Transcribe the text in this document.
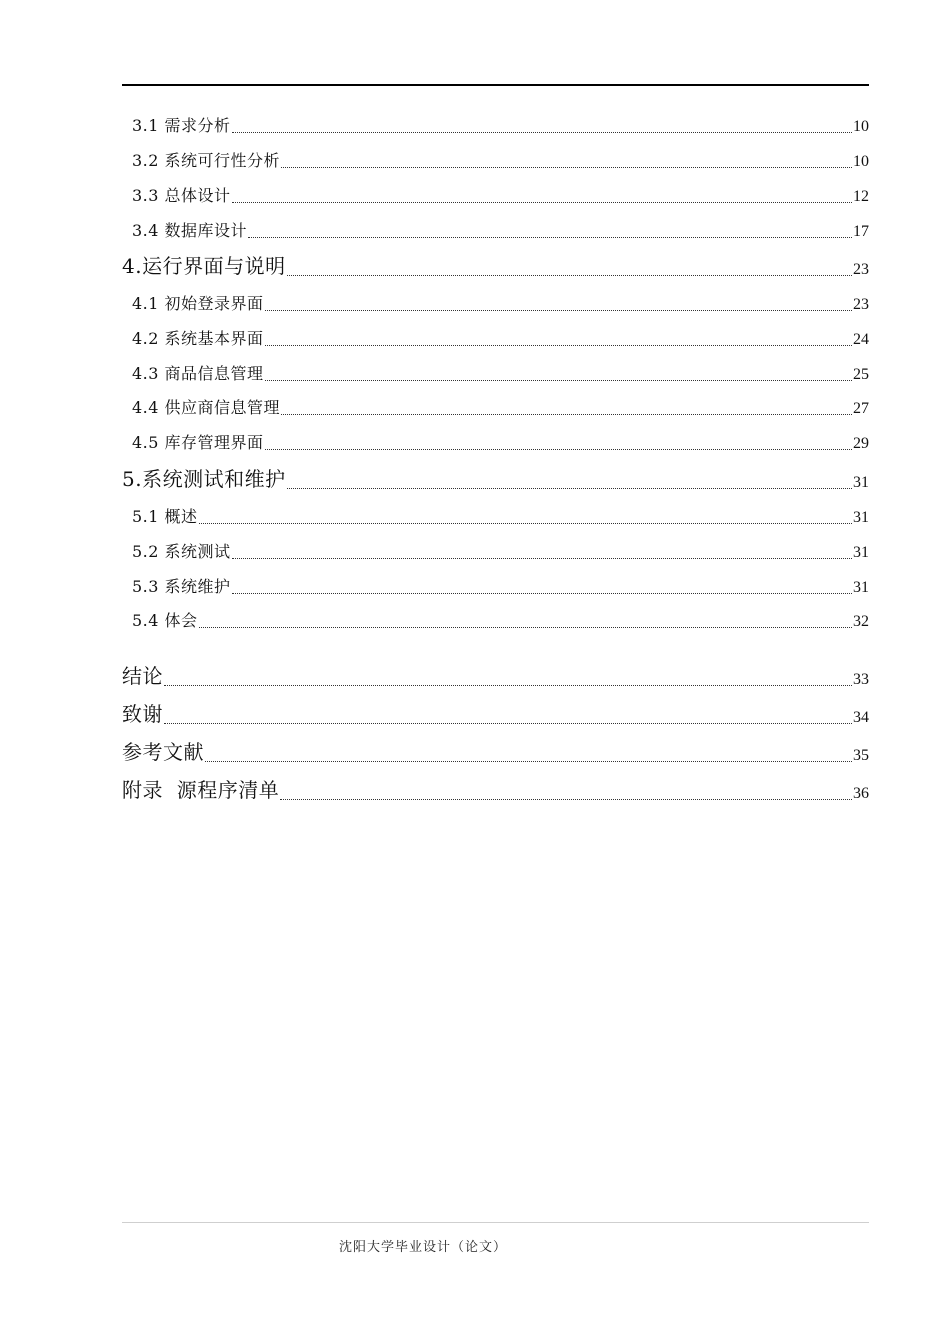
3.1 需求分析	10
3.2 系统可行性分析	10
3.3 总体设计	12
3.4 数据库设计	17
4.运行界面与说明	23
4.1 初始登录界面	23
4.2 系统基本界面	24
4.3 商品信息管理	25
4.4 供应商信息管理	27
4.5 库存管理界面	29
5.系统测试和维护	31
5.1 概述	31
5.2 系统测试	31
5.3 系统维护	31
5.4 体会	32
结论	33
致谢	34
参考文献	35
附录  源程序清单	36
沈阳大学毕业设计（论文）
